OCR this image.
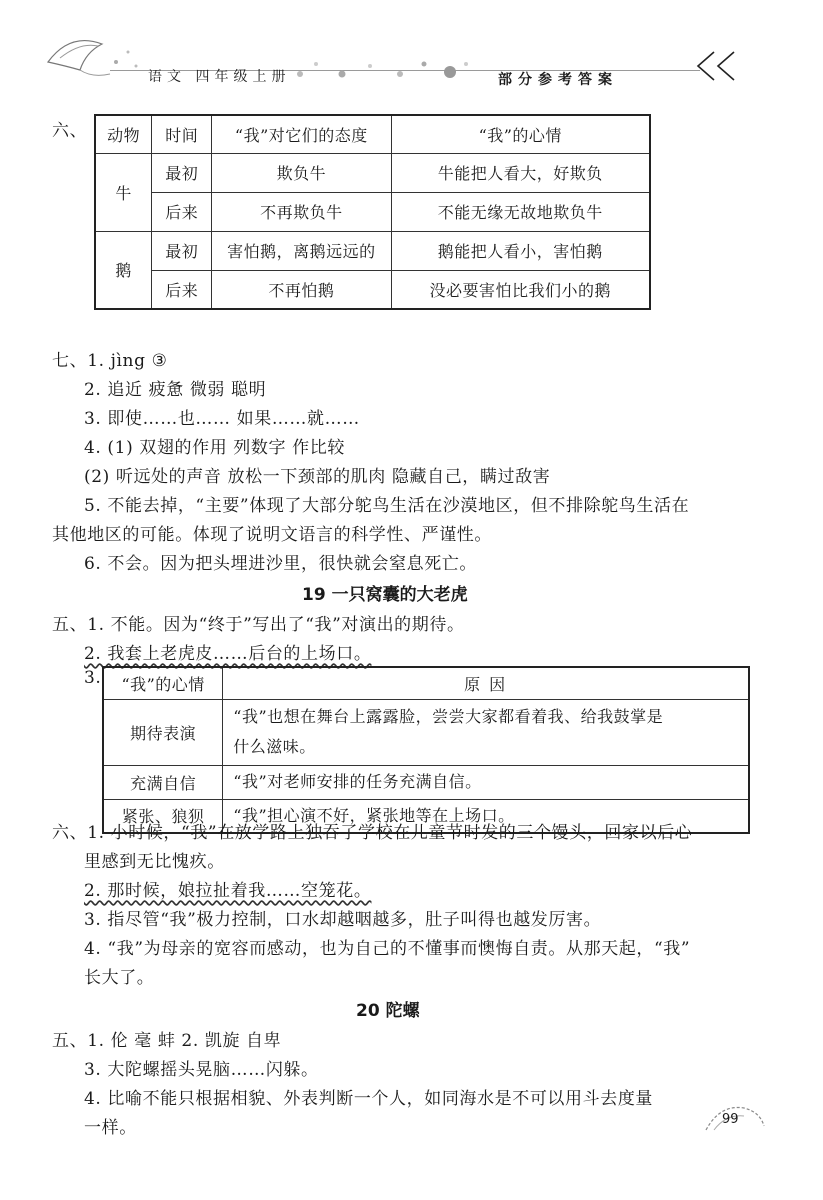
语文 四年级上册	部分参考答案
六、 动物	时间	“我”对它们的态度	“我”的心情
牛	最初	欺负牛	牛能把人看大，好欺负
	后来	不再欺负牛	不能无缘无故地欺负牛
鹅	最初	害怕鹅，离鹅远远的	鹅能把人看小，害怕鹅
	后来	不再怕鹅	没必要害怕比我们小的鹅
七、1. jìng ③
2. 追近 疲惫 微弱 聪明
3. 即使……也…… 如果……就……
4. (1) 双翅的作用 列数字 作比较
(2) 听远处的声音 放松一下颈部的肌肉 隐藏自己，瞒过敌害
5. 不能去掉，“主要”体现了大部分鸵鸟生活在沙漠地区，但不排除鸵鸟生活在
其他地区的可能。体现了说明文语言的科学性、严谨性。
6. 不会。因为把头埋进沙里，很快就会窒息死亡。
19 一只窝囊的大老虎
五、1. 不能。因为“终于”写出了“我”对演出的期待。
2. 我套上老虎皮……后台的上场口。
3. “我”的心情	原 因
期待表演	“我”也想在舞台上露露脸，尝尝大家都看着我、给我鼓掌是
什么滋味。

充满自信	“我”对老师安排的任务充满自信。
紧张、狼狈	“我”担心演不好，紧张地等在上场口。
六、1. 小时候，“我”在放学路上独吞了学校在儿童节时发的三个馒头，回家以后心
里感到无比愧疚。
2. 那时候，娘拉扯着我……空笼花。
3. 指尽管“我”极力控制，口水却越咽越多，肚子叫得也越发厉害。
4. “我”为母亲的宽容而感动，也为自己的不懂事而懊悔自责。从那天起，“我”
长大了。
20 陀螺
五、1. 伦 毫 蚌 2. 凯旋 自卑
3. 大陀螺摇头晃脑……闪躲。
4. 比喻不能只根据相貌、外表判断一个人，如同海水是不可以用斗去度量
一样。	99
